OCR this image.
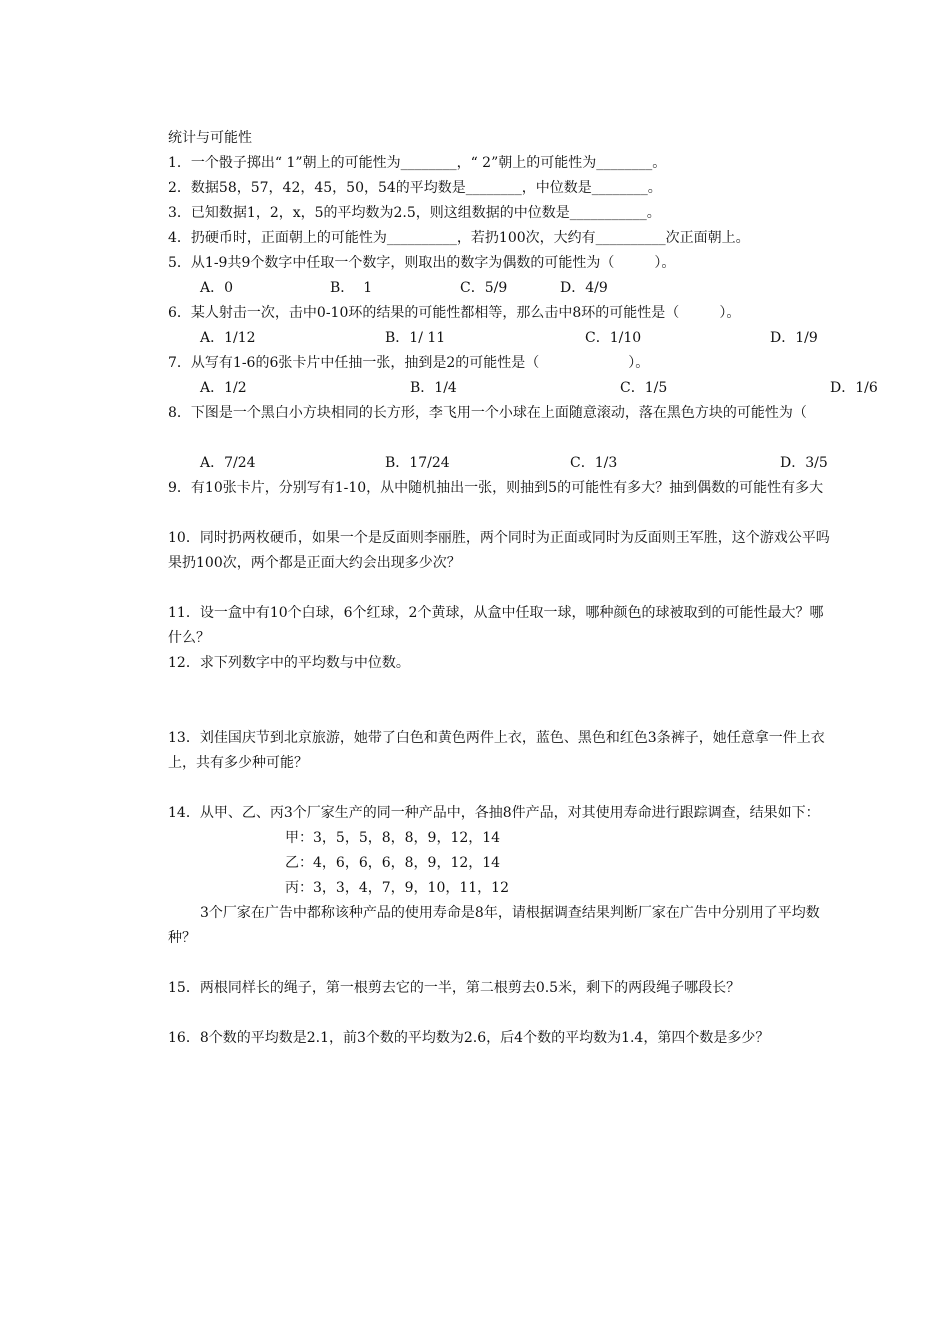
统计与可能性
1．一个骰子掷出“ 1”朝上的可能性为________，“ 2”朝上的可能性为________。
2．数据58，57，42，45，50，54的平均数是________，中位数是________。
3．已知数据1，2，x，5的平均数为2.5，则这组数据的中位数是___________。
4．扔硬币时，正面朝上的可能性为__________，若扔100次，大约有__________次正面朝上。
5．从1-9共9个数字中任取一个数字，则取出的数字为偶数的可能性为（         ）。
A．0	B．  1	C．5/9	D．4/9
6．某人射击一次，击中0-10环的结果的可能性都相等，那么击中8环的可能性是（         ）。
A．1/12	B．1/ 11	C．1/10	D．1/9
7．从写有1-6的6张卡片中任抽一张，抽到是2的可能性是（                    ）。
A．1/2	B．1/4	C．1/5	D．1/6
8．下图是一个黑白小方块相同的长方形，李飞用一个小球在上面随意滚动，落在黑色方块的可能性为（
A．7/24	B．17/24	C．1/3	D．3/5
9．有10张卡片，分别写有1-10，从中随机抽出一张，则抽到5的可能性有多大？抽到偶数的可能性有多大
10．同时扔两枚硬币，如果一个是反面则李丽胜，两个同时为正面或同时为反面则王军胜，这个游戏公平吗
果扔100次，两个都是正面大约会出现多少次？
11．设一盒中有10个白球，6个红球，2个黄球，从盒中任取一球，哪种颜色的球被取到的可能性最大？哪
什么？
12．求下列数字中的平均数与中位数。
13．刘佳国庆节到北京旅游，她带了白色和黄色两件上衣，蓝色、黑色和红色3条裤子，她任意拿一件上衣
上，共有多少种可能？
14．从甲、乙、丙3个厂家生产的同一种产品中，各抽8件产品，对其使用寿命进行跟踪调查，结果如下：
甲：3，5，5，8，8，9，12，14
乙：4，6，6，6，8，9，12，14
丙：3，3，4，7，9，10，11，12
3个厂家在广告中都称该种产品的使用寿命是8年，请根据调查结果判断厂家在广告中分别用了平均数
种？
15．两根同样长的绳子，第一根剪去它的一半，第二根剪去0.5米，剩下的两段绳子哪段长？
16．8个数的平均数是2.1，前3个数的平均数为2.6，后4个数的平均数为1.4，第四个数是多少？
